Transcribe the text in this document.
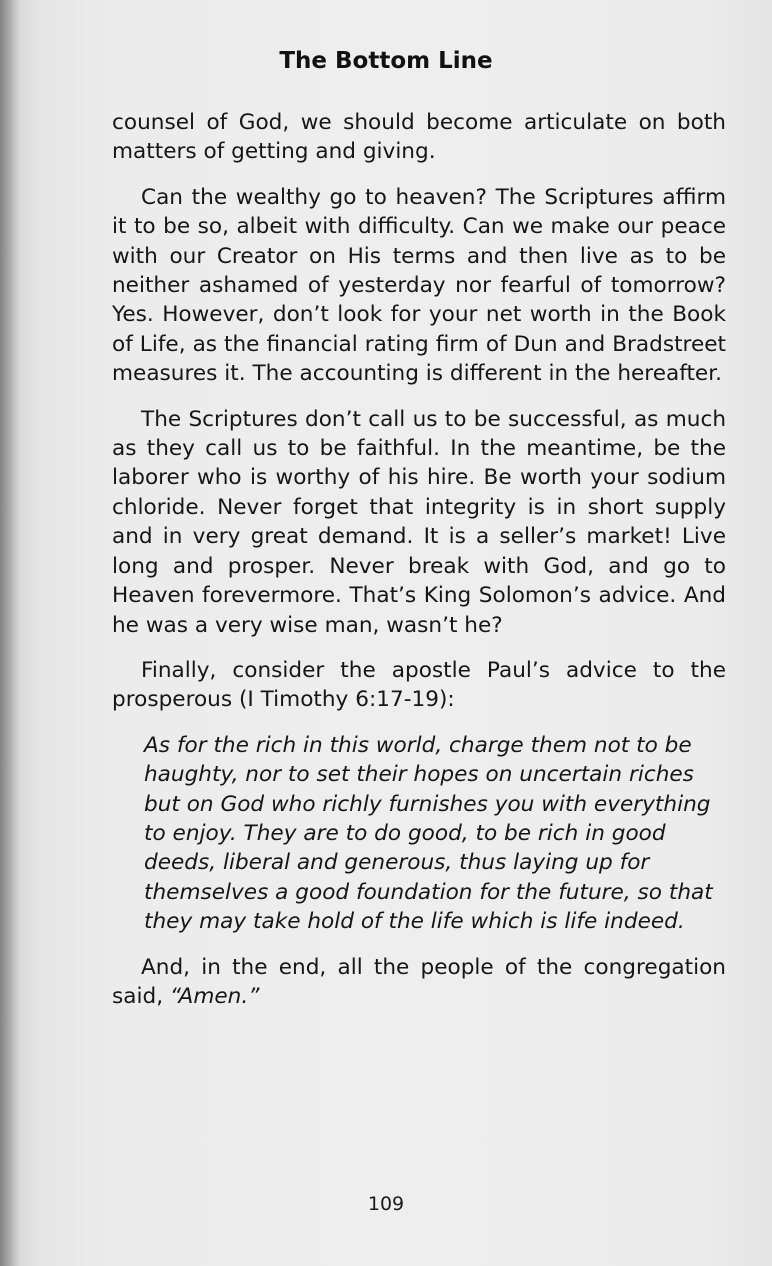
The Bottom Line

counsel of God, we should become articulate on both matters of getting and giving.

Can the wealthy go to heaven? The Scriptures affirm it to be so, albeit with difficulty. Can we make our peace with our Creator on His terms and then live as to be neither ashamed of yesterday nor fearful of tomorrow? Yes. However, don’t look for your net worth in the Book of Life, as the financial rating firm of Dun and Bradstreet measures it. The accounting is different in the hereafter.

The Scriptures don’t call us to be successful, as much as they call us to be faithful. In the meantime, be the laborer who is worthy of his hire. Be worth your sodium chloride. Never forget that integrity is in short supply and in very great demand. It is a seller’s market! Live long and prosper. Never break with God, and go to Heaven forevermore. That’s King Solomon’s advice. And he was a very wise man, wasn’t he?

Finally, consider the apostle Paul’s advice to the prosperous (I Timothy 6:17-19):

As for the rich in this world, charge them not to be haughty, nor to set their hopes on uncertain riches but on God who richly furnishes you with everything to enjoy. They are to do good, to be rich in good deeds, liberal and generous, thus laying up for themselves a good foundation for the future, so that they may take hold of the life which is life indeed.

And, in the end, all the people of the congregation said, “Amen.”

109
